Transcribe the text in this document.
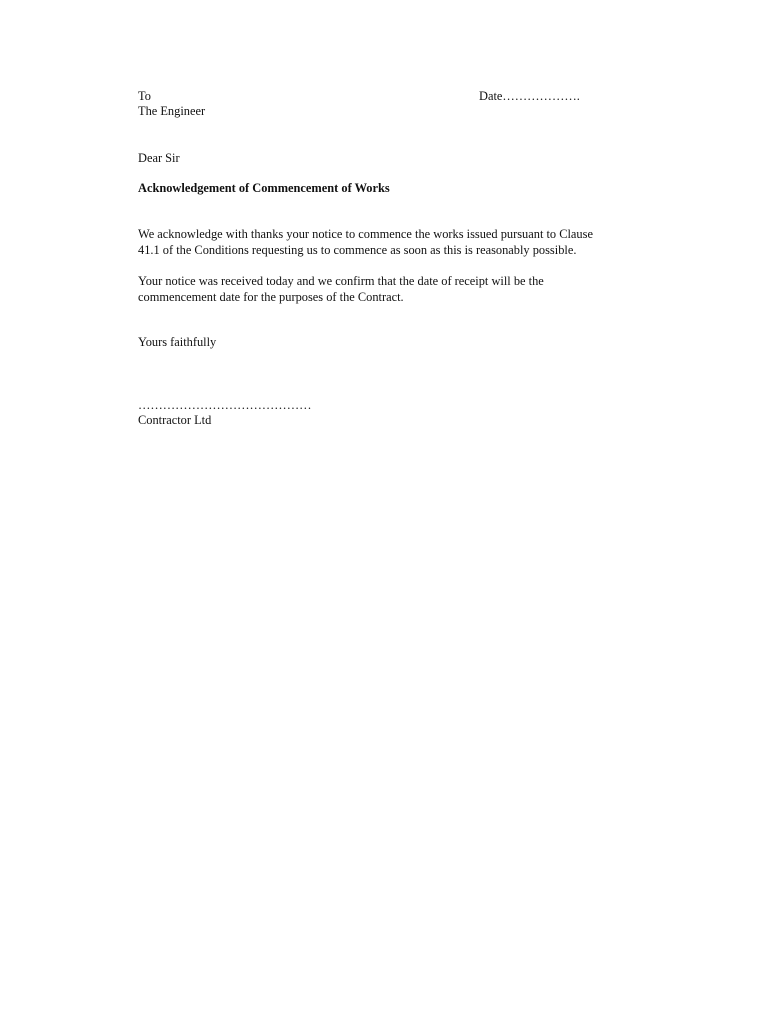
To	Date……………….
The Engineer
Dear Sir
Acknowledgement of Commencement of Works
We acknowledge with thanks your notice to commence the works issued pursuant to Clause
41.1 of the Conditions requesting us to commence as soon as this is reasonably possible.
Your notice was received today and we confirm that the date of receipt will be the
commencement date for the purposes of the Contract.
Yours faithfully
……………………………………
Contractor Ltd
